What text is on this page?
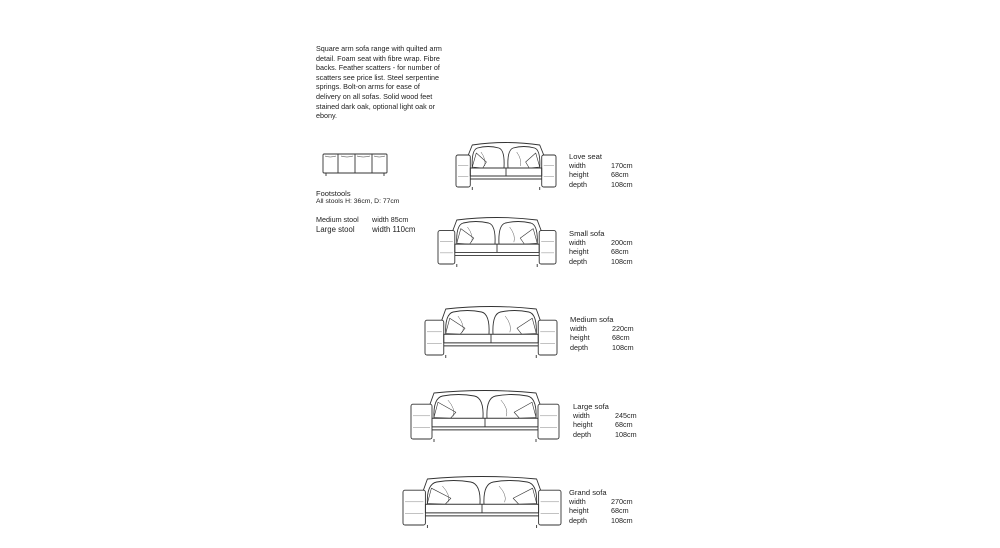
Square arm sofa range with quilted arm
detail. Foam seat with fibre wrap. Fibre
backs. Feather scatters - for number of
scatters see price list. Steel serpentine
springs. Bolt-on arms for ease of
delivery on all sofas. Solid wood feet
stained dark oak, optional light oak or
ebony.

Footstools
All stools H: 36cm, D: 77cm
Medium stool width 85cm
Large stool width 110cm
Love seat
width	170cm
height	68cm
depth	108cm
Small sofa
width	200cm
height	68cm
depth	108cm
Medium sofa
width	220cm
height	68cm
depth	108cm
Large sofa
width	245cm
height	68cm
depth	108cm
Grand sofa
width	270cm
height	68cm
depth	108cm
